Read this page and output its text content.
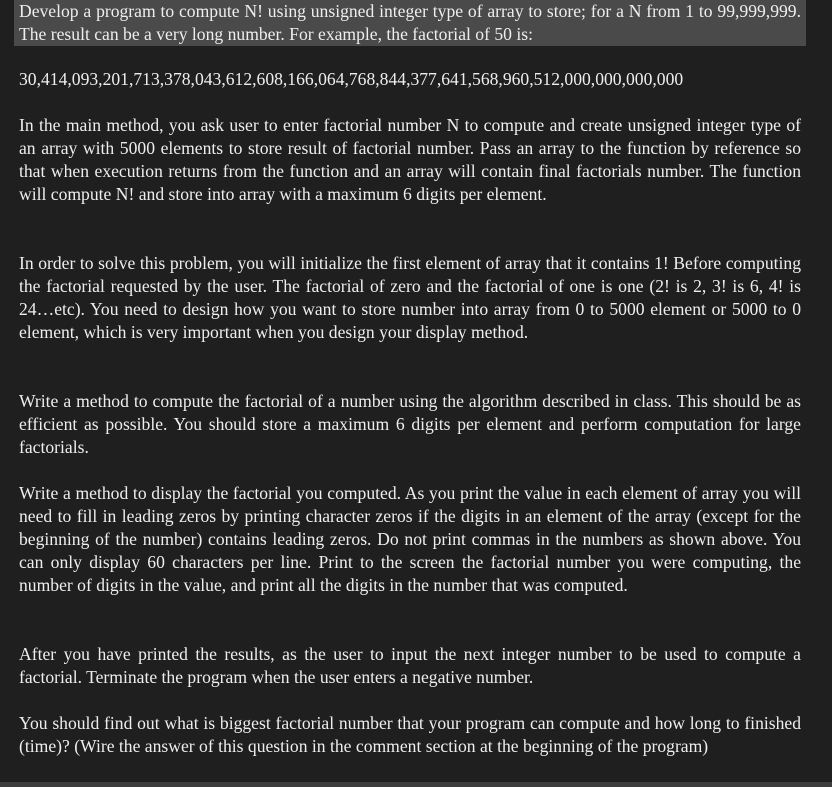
Develop a program to compute N! using unsigned integer type of array to store; for a N from 1 to 99,999,999. The result can be a very long number. For example, the factorial of 50 is:

30,414,093,201,713,378,043,612,608,166,064,768,844,377,641,568,960,512,000,000,000,000

In the main method, you ask user to enter factorial number N to compute and create unsigned integer type of an array with 5000 elements to store result of factorial number. Pass an array to the function by reference so that when execution returns from the function and an array will contain final factorials number. The function will compute N! and store into array with a maximum 6 digits per element.

In order to solve this problem, you will initialize the first element of array that it contains 1! Before computing the factorial requested by the user. The factorial of zero and the factorial of one is one (2! is 2, 3! is 6, 4! is 24…etc). You need to design how you want to store number into array from 0 to 5000 element or 5000 to 0 element, which is very important when you design your display method.

Write a method to compute the factorial of a number using the algorithm described in class. This should be as efficient as possible. You should store a maximum 6 digits per element and perform computation for large factorials.

Write a method to display the factorial you computed. As you print the value in each element of array you will need to fill in leading zeros by printing character zeros if the digits in an element of the array (except for the beginning of the number) contains leading zeros. Do not print commas in the numbers as shown above. You can only display 60 characters per line. Print to the screen the factorial number you were computing, the number of digits in the value, and print all the digits in the number that was computed.

After you have printed the results, as the user to input the next integer number to be used to compute a factorial. Terminate the program when the user enters a negative number.

You should find out what is biggest factorial number that your program can compute and how long to finished (time)? (Wire the answer of this question in the comment section at the beginning of the program)
